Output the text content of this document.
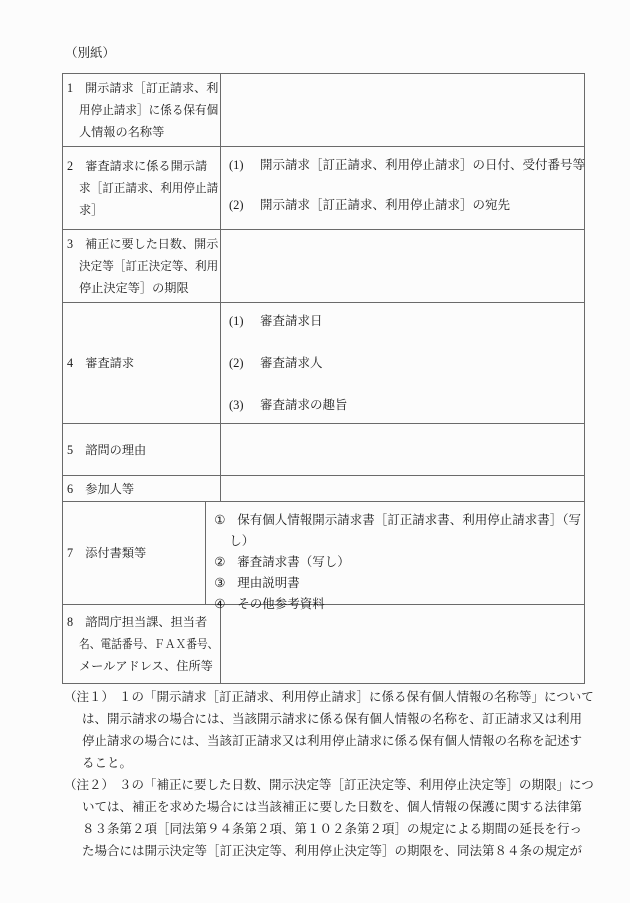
（別紙）
1　開示請求［訂正請求、利
用停止請求］に係る保有個
人情報の名称等
2　審査請求に係る開示請
求［訂正請求、利用停止請
求］
(1) 開示請求［訂正請求、利用停止請求］の日付、受付番号等
(2) 開示請求［訂正請求、利用停止請求］の宛先
3　補正に要した日数、開示
決定等［訂正決定等、利用
停止決定等］の期限
4　審査請求
(1) 審査請求日
(2) 審査請求人
(3) 審査請求の趣旨
5　諮問の理由
6　参加人等
7　添付書類等
① 保有個人情報開示請求書［訂正請求書、利用停止請求書］（写
し）
② 審査請求書（写し）
③ 理由説明書
④ その他参考資料
8　諮問庁担当課、担当者
名、電話番号、ＦＡＸ番号、
メールアドレス、住所等
（注１） １の「開示請求［訂正請求、利用停止請求］に係る保有個人情報の名称等」について
は、開示請求の場合には、当該開示請求に係る保有個人情報の名称を、訂正請求又は利用
停止請求の場合には、当該訂正請求又は利用停止請求に係る保有個人情報の名称を記述す
ること。
（注２） ３の「補正に要した日数、開示決定等［訂正決定等、利用停止決定等］の期限」につ
いては、補正を求めた場合には当該補正に要した日数を、個人情報の保護に関する法律第
８３条第２項［同法第９４条第２項、第１０２条第２項］の規定による期間の延長を行っ
た場合には開示決定等［訂正決定等、利用停止決定等］の期限を、同法第８４条の規定が
